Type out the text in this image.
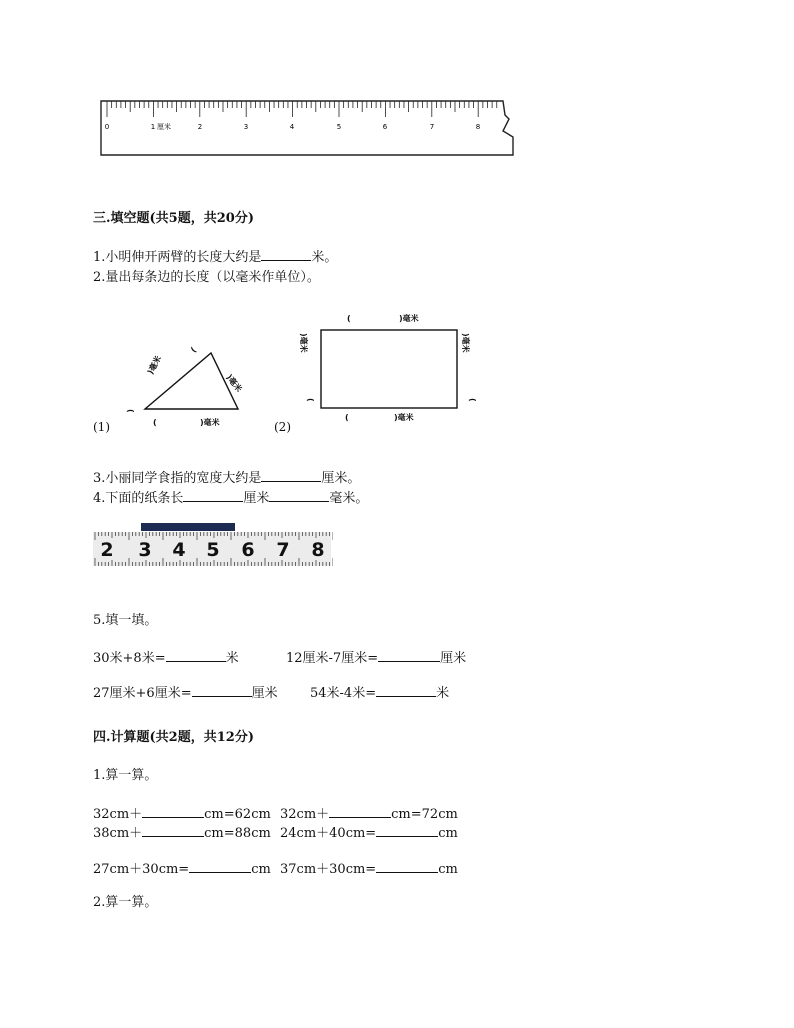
0	1 厘米	2	3	4	5	6	7	8
三.填空题(共5题，共20分)
1.小明伸开两臂的长度大约是	米。
2.量出每条边的长度（以毫米作单位）。
)毫米
(
)毫米
(
(	)毫米
(	)毫米
)毫米	)毫米
(	(
(	)毫米
(1)	(2)
3.小丽同学食指的宽度大约是	厘米。
4.下面的纸条长	厘米	毫米。
2 3 4 5 6 7 8
5.填一填。
30米+8米=	米	12厘米-7厘米=	厘米
27厘米+6厘米=	厘米 54米-4米=	米
四.计算题(共2题，共12分)
1.算一算。
32cm＋	cm=62cm 32cm＋	cm=72cm
38cm＋	cm=88cm 24cm＋40cm=	cm
27cm＋30cm=	cm 37cm＋30cm=	cm
2.算一算。
